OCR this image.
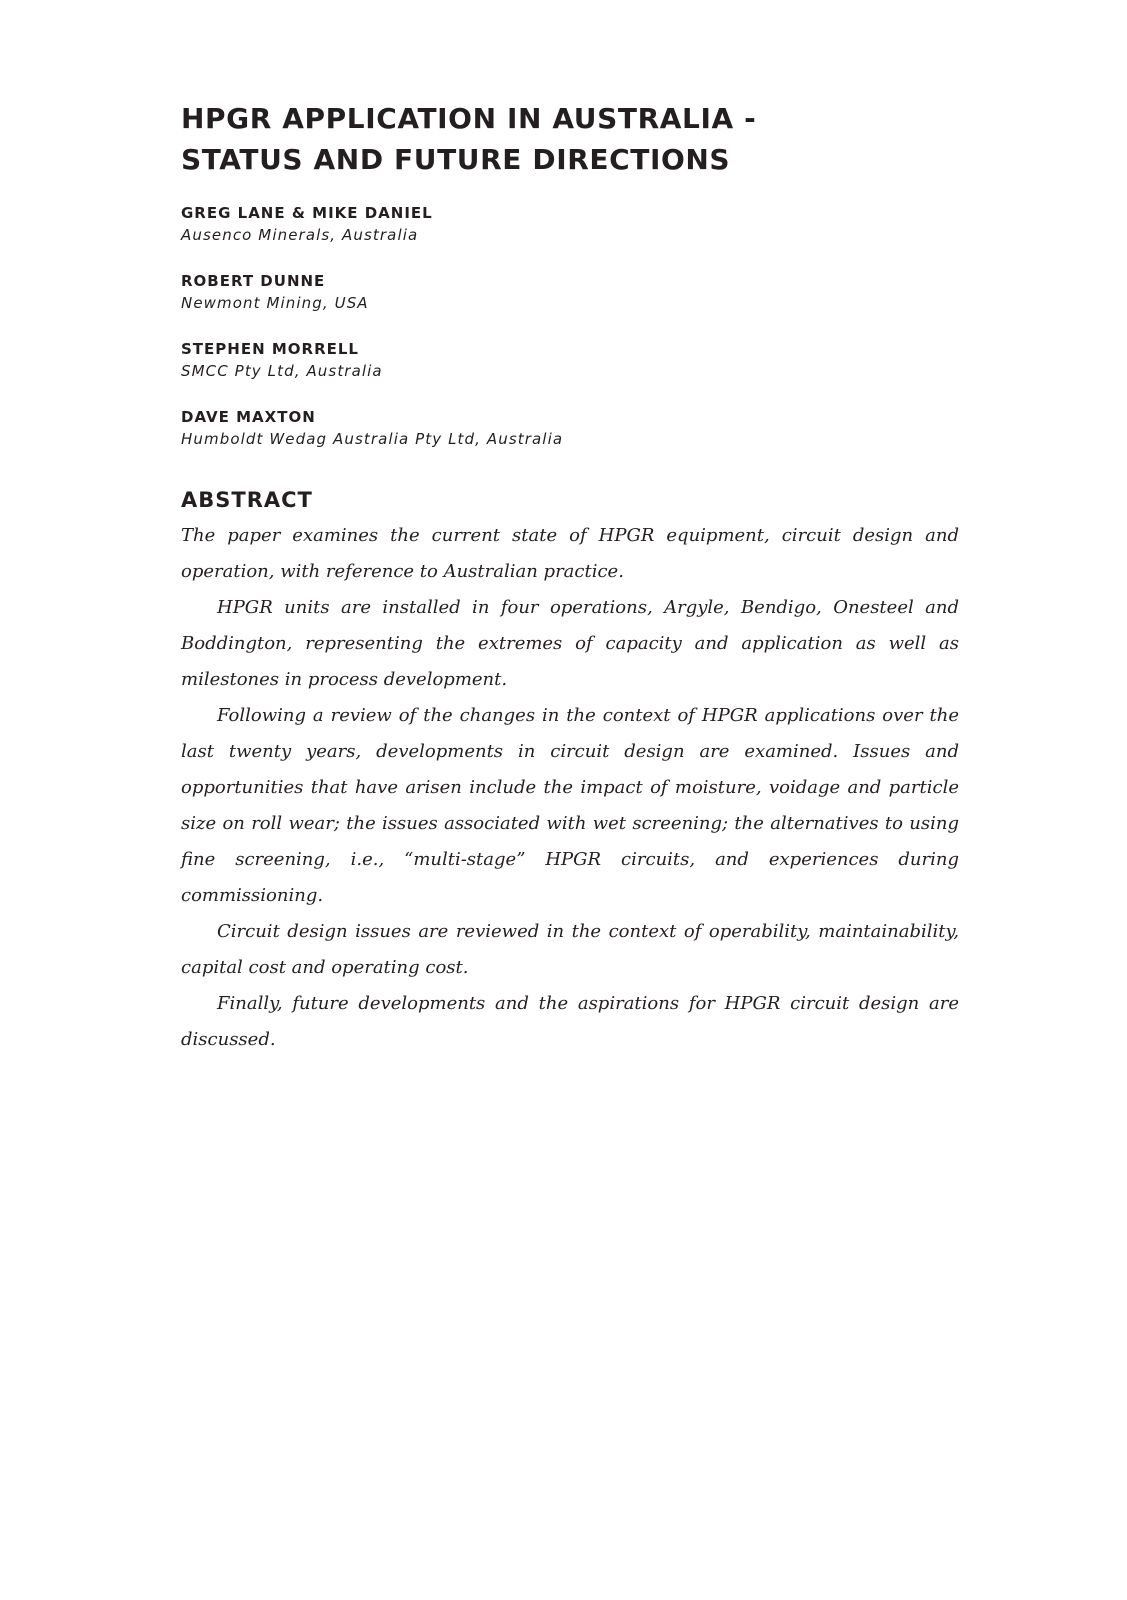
HPGR APPLICATION IN AUSTRALIA -
STATUS AND FUTURE DIRECTIONS
GREG LANE & MIKE DANIEL
Ausenco Minerals, Australia
ROBERT DUNNE
Newmont Mining, USA
STEPHEN MORRELL
SMCC Pty Ltd, Australia
DAVE MAXTON
Humboldt Wedag Australia Pty Ltd, Australia
ABSTRACT

The paper examines the current state of HPGR equipment, circuit design and operation, with reference to Australian practice.

HPGR units are installed in four operations, Argyle, Bendigo, Onesteel and Boddington, representing the extremes of capacity and application as well as milestones in process development.

Following a review of the changes in the context of HPGR applications over the last twenty years, developments in circuit design are examined. Issues and opportunities that have arisen include the impact of moisture, voidage and particle size on roll wear; the issues associated with wet screening; the alternatives to using fine screening, i.e., “multi-stage” HPGR circuits, and experiences during commissioning.

Circuit design issues are reviewed in the context of operability, maintainability, capital cost and operating cost.

Finally, future developments and the aspirations for HPGR circuit design are discussed.
